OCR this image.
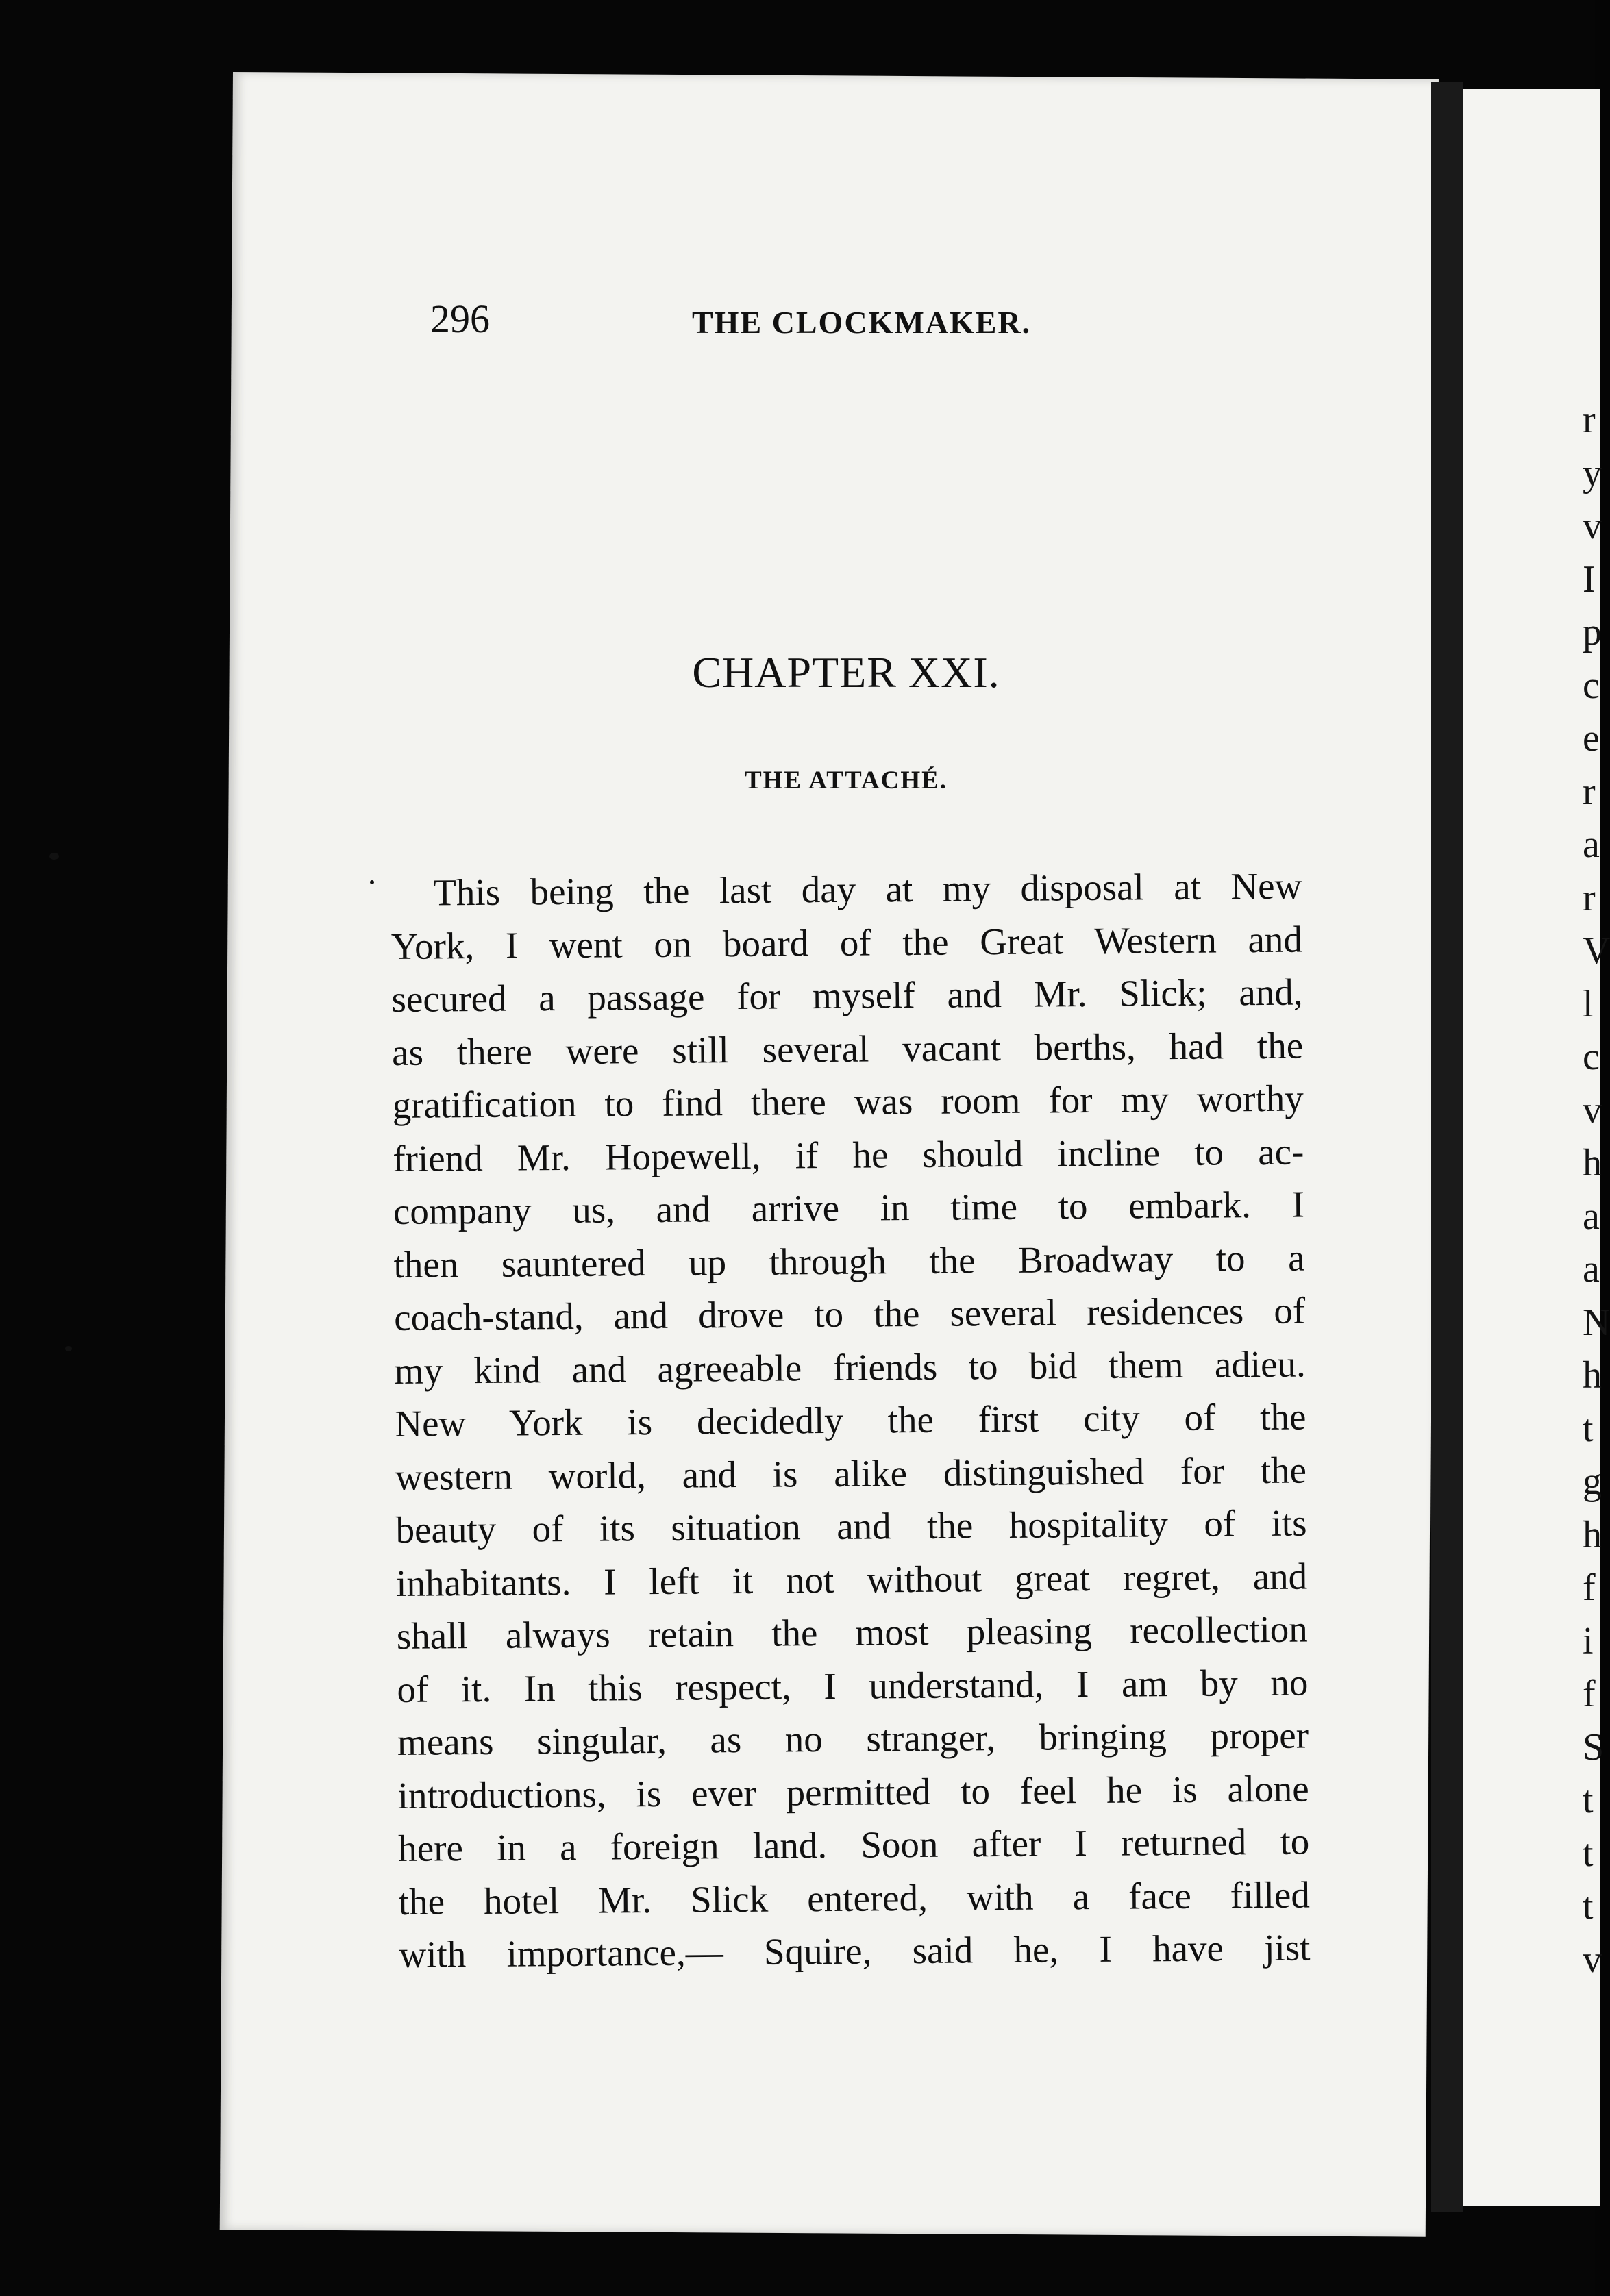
r
y
v
I
p
c
e
r
a
r
V
l
c
v
h
a
a
N
h
t
g
h
f
i
f
S
t
t
t
v
296	THE CLOCKMAKER.
CHAPTER XXI.
THE ATTACHÉ.
This being the last day at my disposal at New
York, I went on board of the Great Western and
secured a passage for myself and Mr. Slick; and,
as there were still several vacant berths, had the
gratification to find there was room for my worthy
friend Mr. Hopewell, if he should incline to ac-
company us, and arrive in time to embark. I
then sauntered up through the Broadway to a
coach-stand, and drove to the several residences of
my kind and agreeable friends to bid them adieu.
New York is decidedly the first city of the
western world, and is alike distinguished for the
beauty of its situation and the hospitality of its
inhabitants. I left it not without great regret, and
shall always retain the most pleasing recollection
of it. In this respect, I understand, I am by no
means singular, as no stranger, bringing proper
introductions, is ever permitted to feel he is alone
here in a foreign land. Soon after I returned to
the hotel Mr. Slick entered, with a face filled
with importance,— Squire, said he, I have jist
